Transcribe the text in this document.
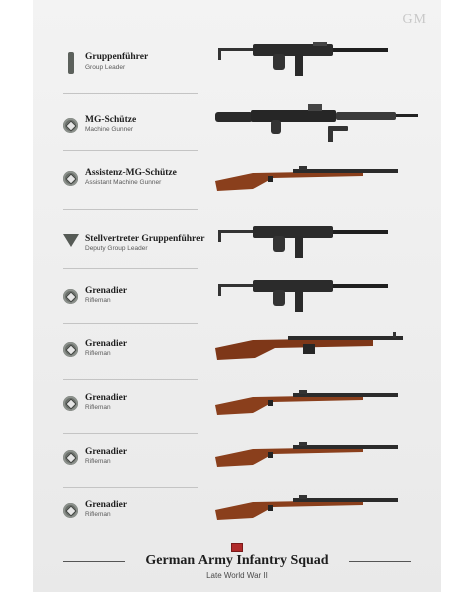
GM
Gruppenführer
Group Leader
MG-Schütze
Machine Gunner
Assistenz-MG-Schütze
Assistant Machine Gunner
Stellvertreter Gruppenführer
Deputy Group Leader
Grenadier
Rifleman
Grenadier
Rifleman
Grenadier
Rifleman
Grenadier
Rifleman
Grenadier
Rifleman
German Army Infantry Squad
Late World War II
